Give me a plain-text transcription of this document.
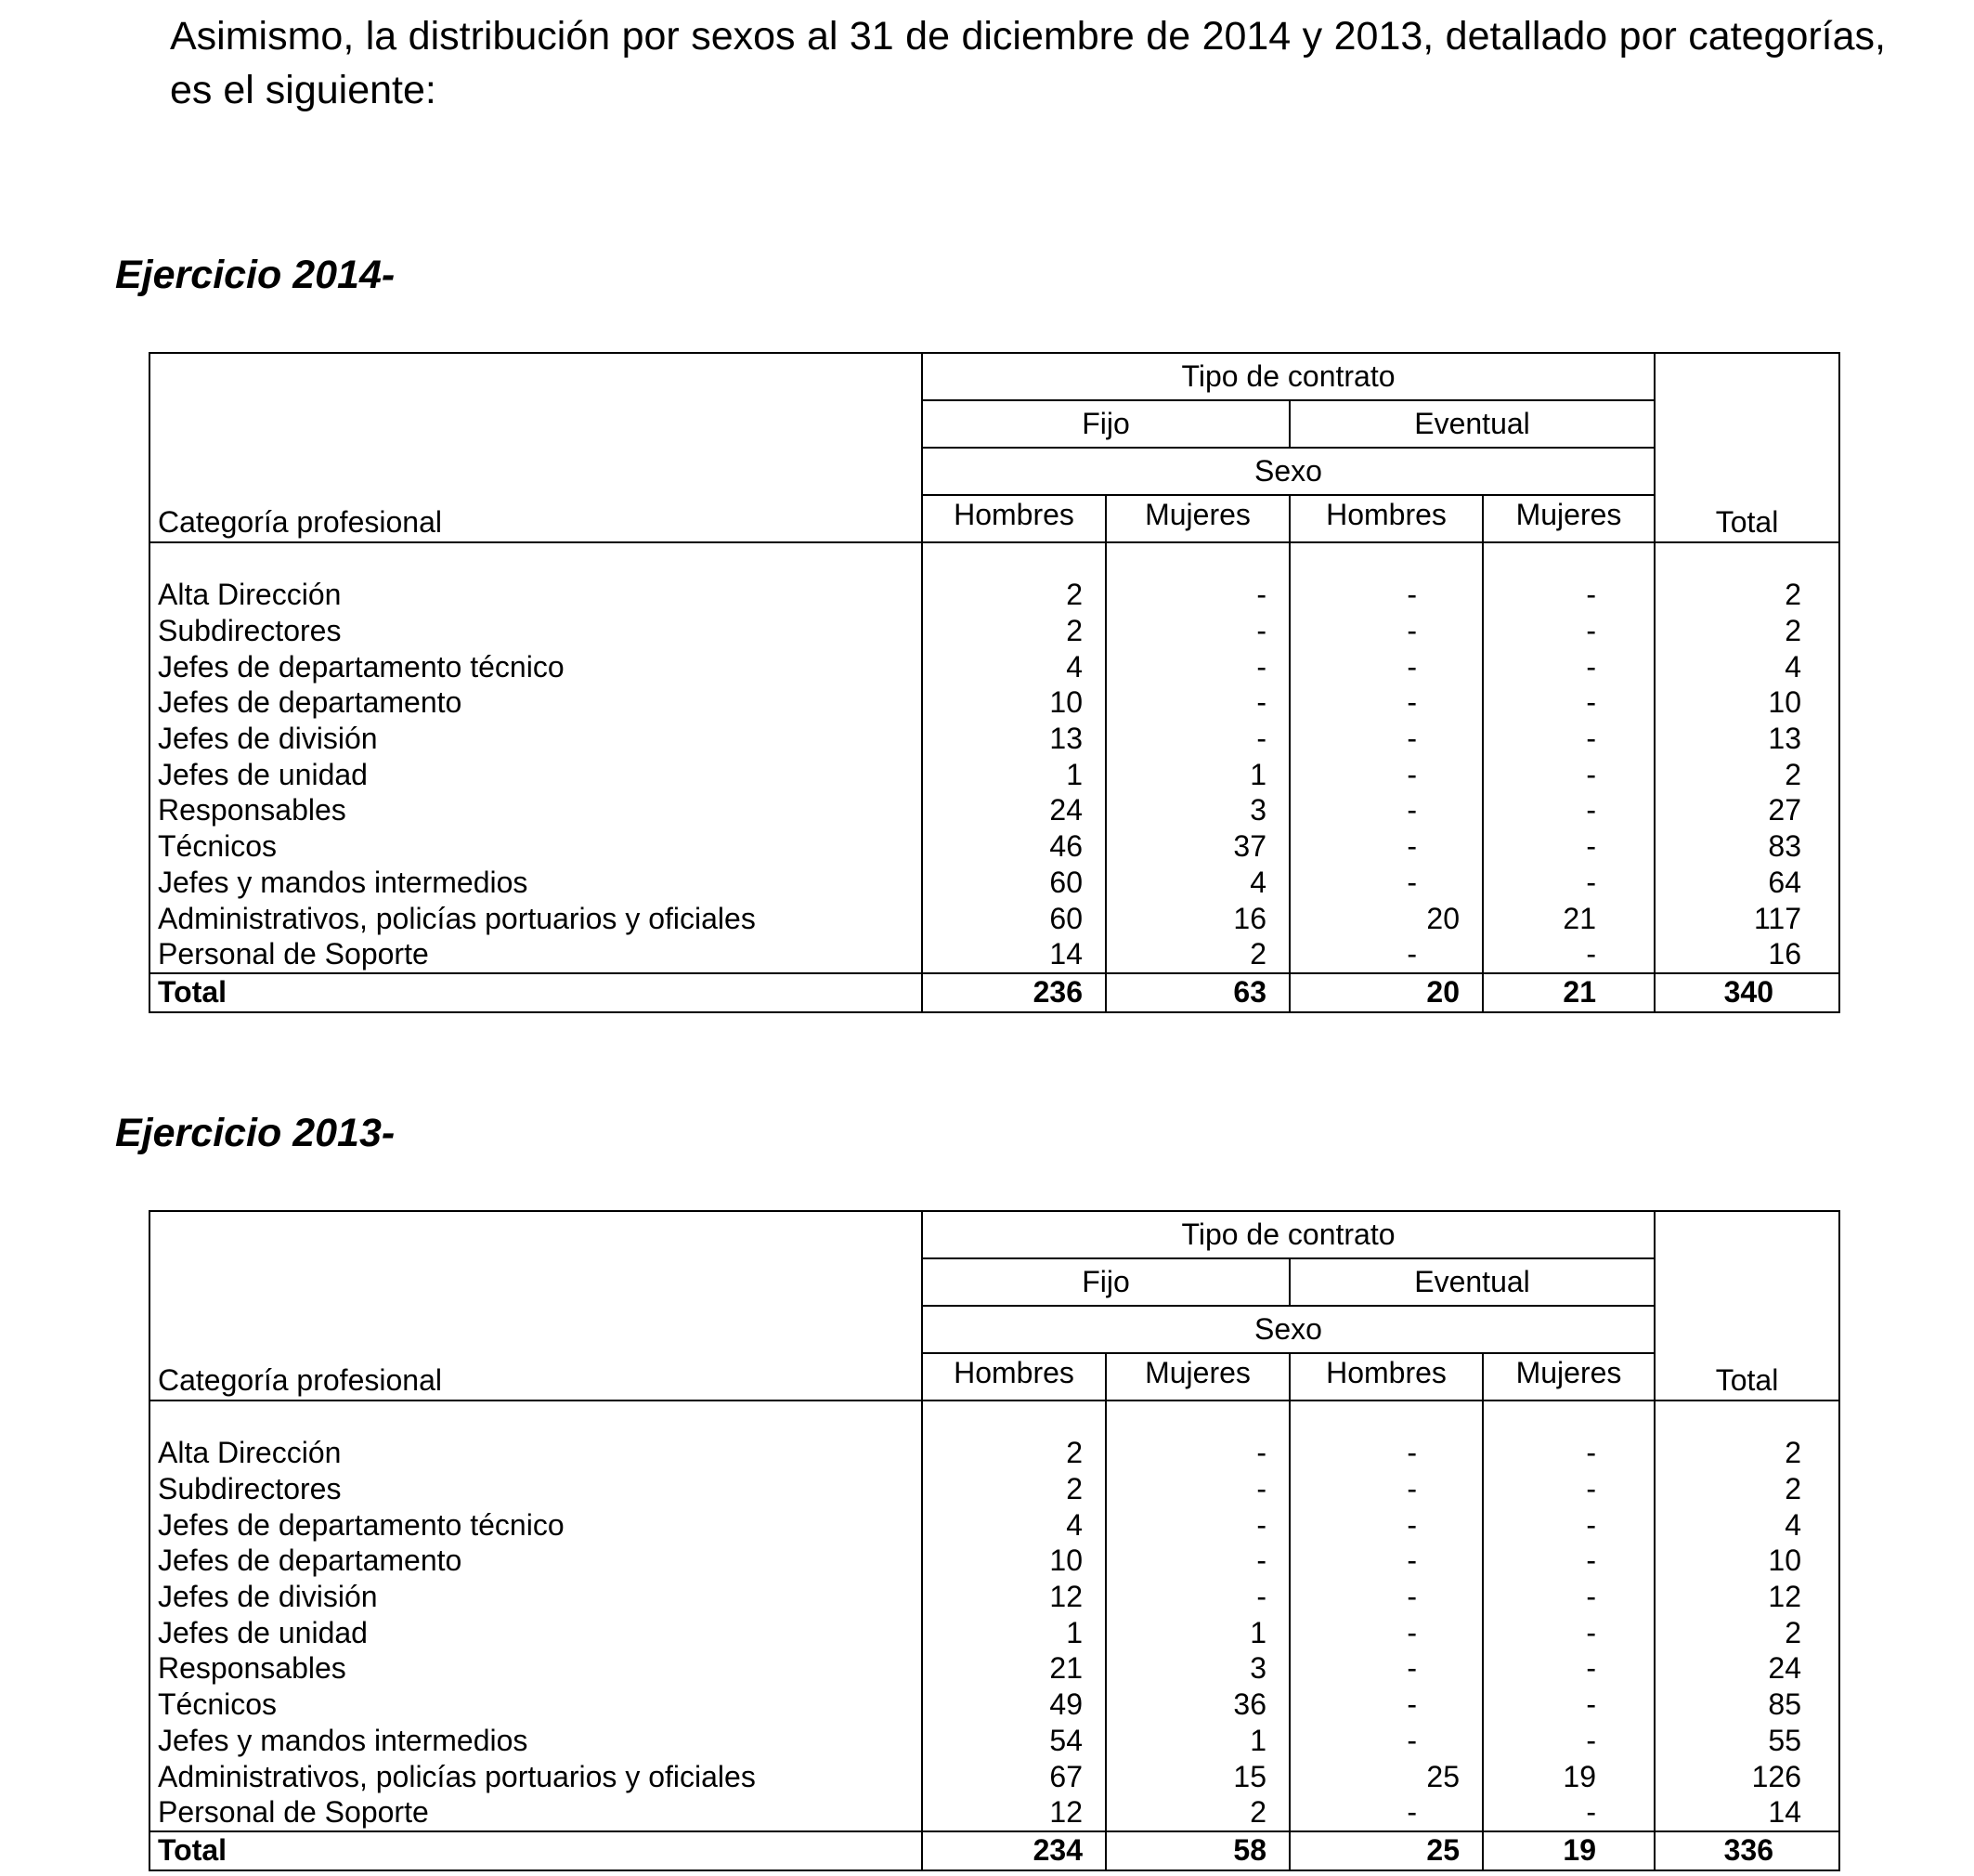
Asimismo, la distribución por sexos al 31 de diciembre de 2014 y 2013, detallado por categorías, es el siguiente:
Ejercicio 2014-
Categoría profesional	Tipo de contrato				Total
	Fijo		Eventual		
	Sexo				
	Hombres	Mujeres	Hombres	Mujeres	

Alta Dirección	2	-	-	-	2
Subdirectores	2	-	-	-	2
Jefes de departamento técnico	4	-	-	-	4
Jefes de departamento	10	-	-	-	10
Jefes de división	13	-	-	-	13
Jefes de unidad	1	1	-	-	2
Responsables	24	3	-	-	27
Técnicos	46	37	-	-	83
Jefes y mandos intermedios	60	4	-	-	64
Administrativos, policías portuarios y oficiales	60	16	20	21	117
Personal de Soporte	14	2	-	-	16
Total	236	63	20	21	340
Ejercicio 2013-
Categoría profesional	Tipo de contrato				Total
	Fijo		Eventual		
	Sexo				
	Hombres	Mujeres	Hombres	Mujeres	

Alta Dirección	2	-	-	-	2
Subdirectores	2	-	-	-	2
Jefes de departamento técnico	4	-	-	-	4
Jefes de departamento	10	-	-	-	10
Jefes de división	12	-	-	-	12
Jefes de unidad	1	1	-	-	2
Responsables	21	3	-	-	24
Técnicos	49	36	-	-	85
Jefes y mandos intermedios	54	1	-	-	55
Administrativos, policías portuarios y oficiales	67	15	25	19	126
Personal de Soporte	12	2	-	-	14
Total	234	58	25	19	336
